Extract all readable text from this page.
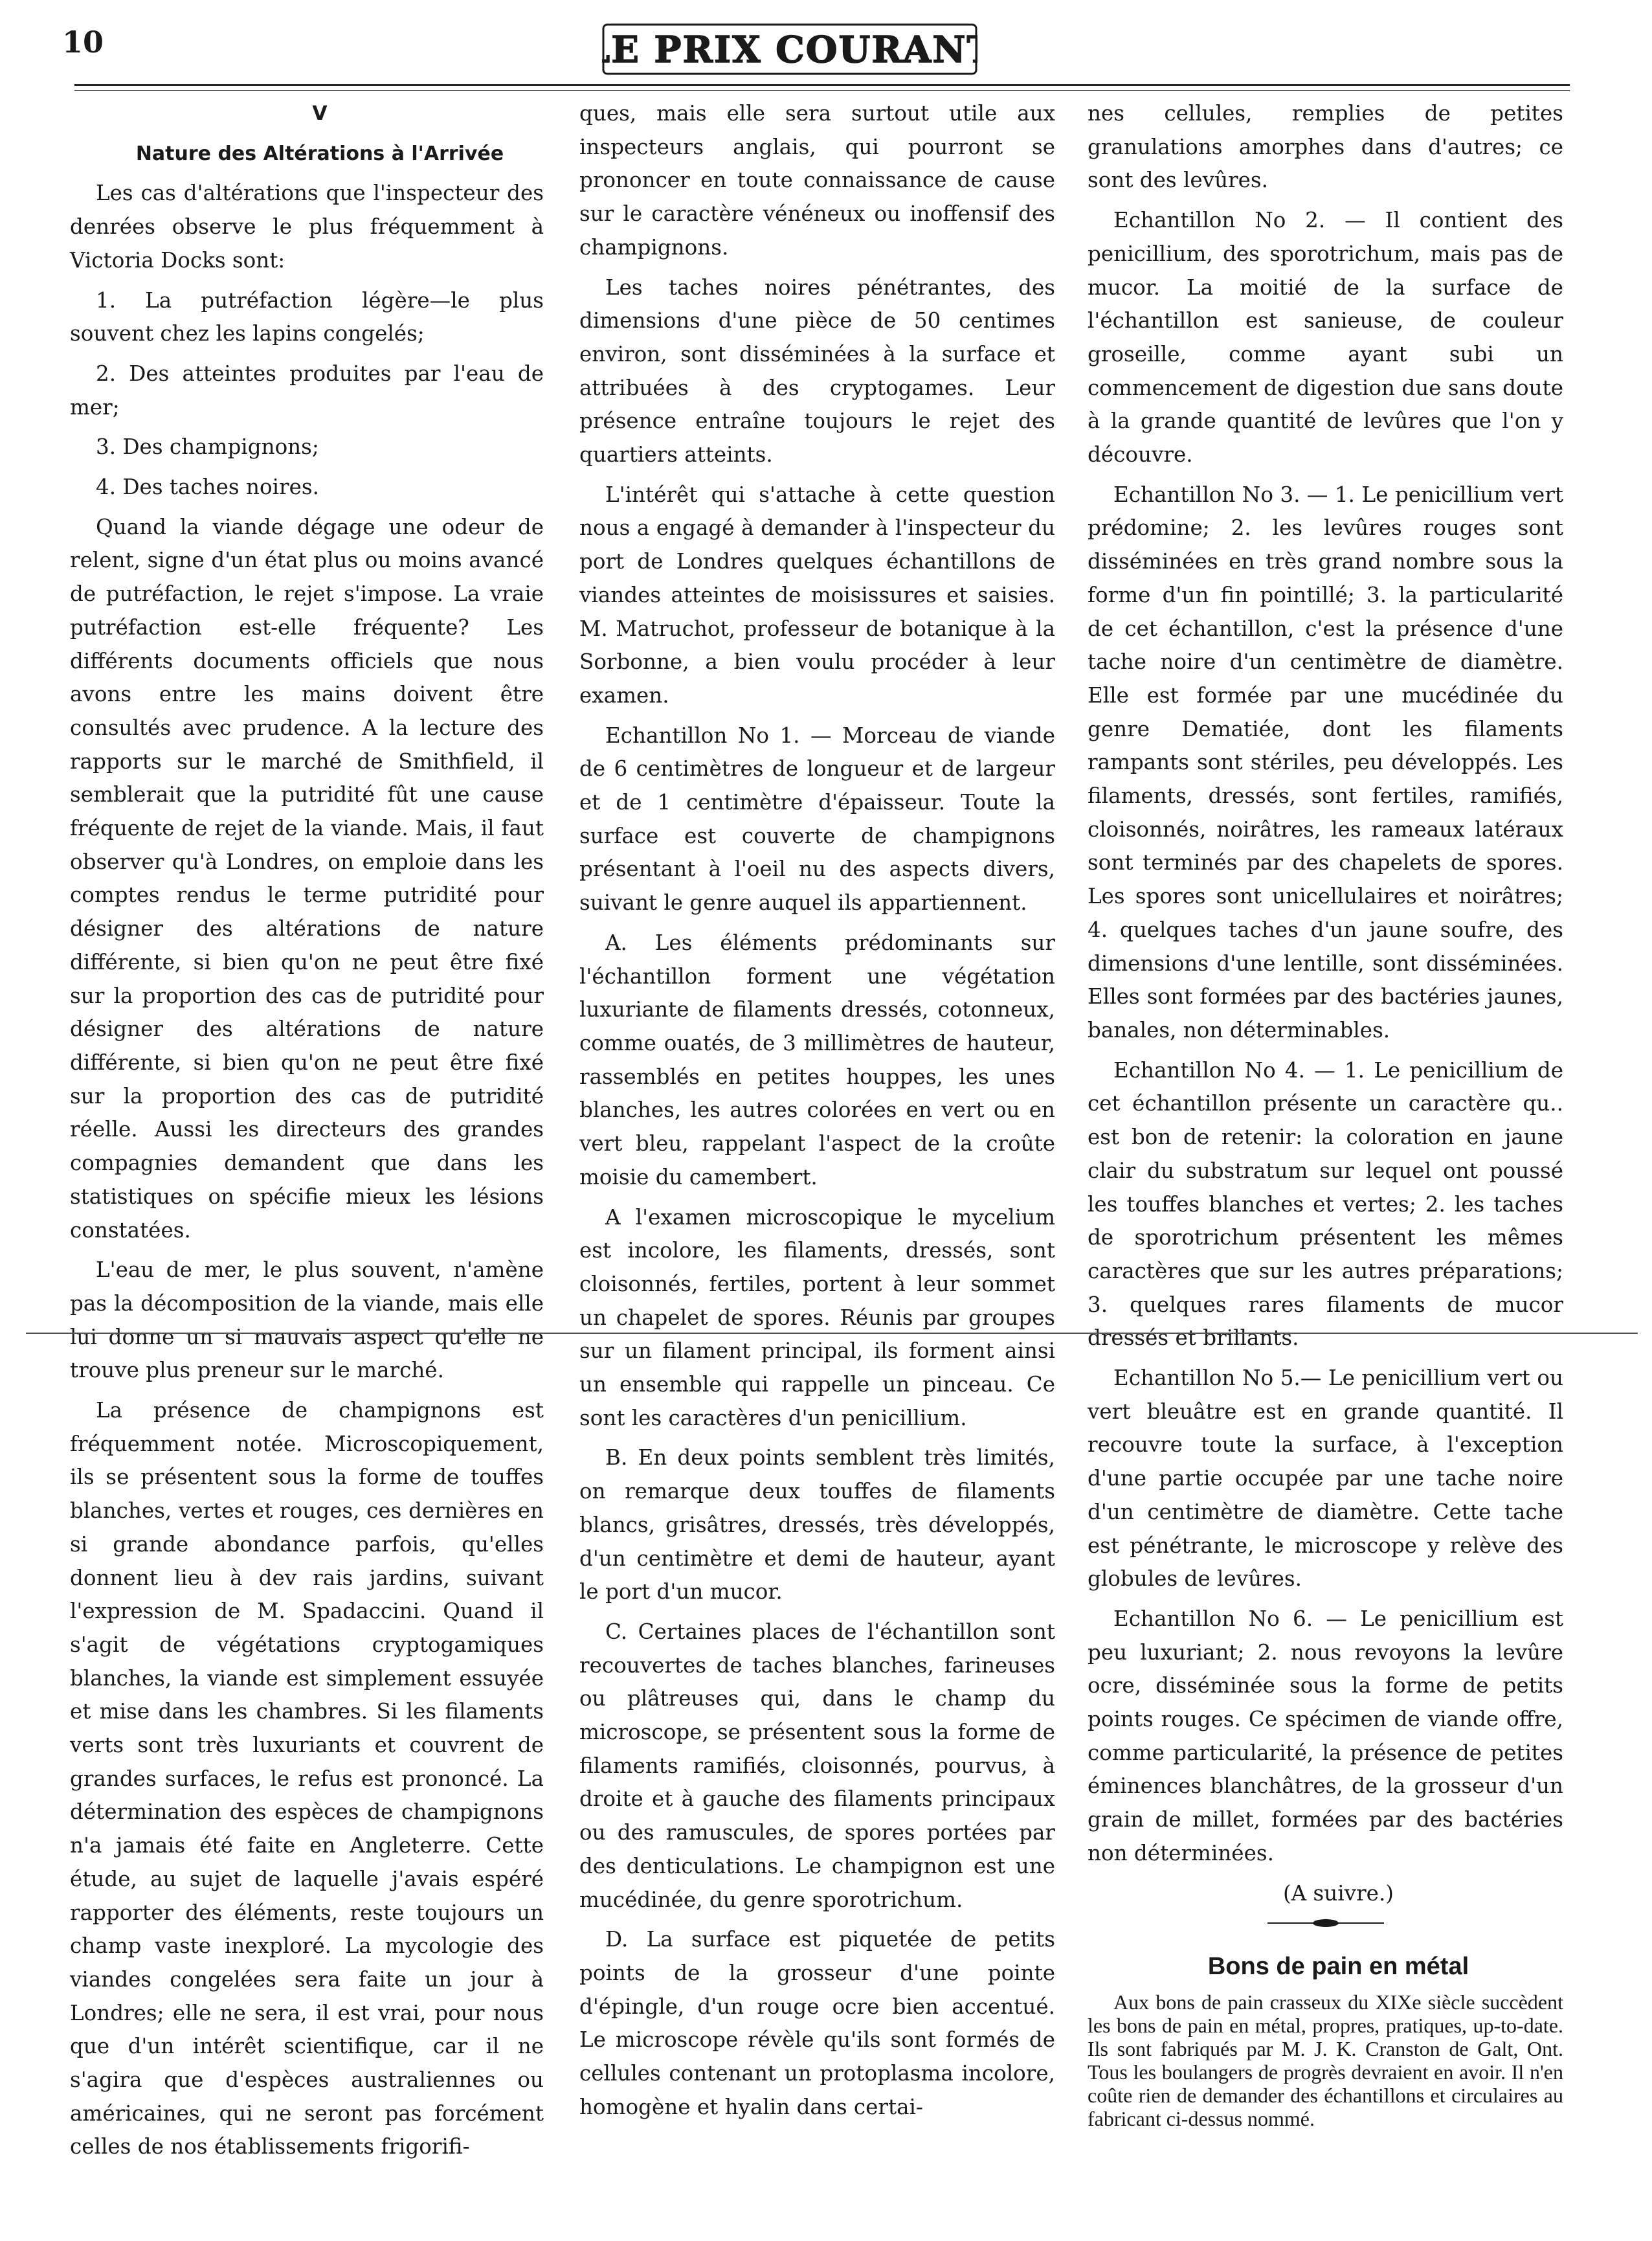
10	LE PRIX COURANT

V

Nature des Altérations à l'Arrivée

Les cas d'altérations que l'inspecteur des denrées observe le plus fréquemment à Victoria Docks sont:

1. La putréfaction légère—le plus souvent chez les lapins congelés;

2. Des atteintes produites par l'eau de mer;

3. Des champignons;

4. Des taches noires.

Quand la viande dégage une odeur de relent, signe d'un état plus ou moins avancé de putréfaction, le rejet s'impose. La vraie putréfaction est-elle fréquente? Les différents documents officiels que nous avons entre les mains doivent être consultés avec prudence. A la lecture des rapports sur le marché de Smithfield, il semblerait que la putridité fût une cause fréquente de rejet de la viande. Mais, il faut observer qu'à Londres, on emploie dans les comptes rendus le terme putridité pour désigner des altérations de nature différente, si bien qu'on ne peut être fixé sur la proportion des cas de putridité pour désigner des altérations de nature différente, si bien qu'on ne peut être fixé sur la proportion des cas de putridité réelle. Aussi les directeurs des grandes compagnies demandent que dans les statistiques on spécifie mieux les lésions constatées.

L'eau de mer, le plus souvent, n'amène pas la décomposition de la viande, mais elle lui donne un si mauvais aspect qu'elle ne trouve plus preneur sur le marché.

La présence de champignons est fréquemment notée. Microscopiquement, ils se présentent sous la forme de touffes blanches, vertes et rouges, ces dernières en si grande abondance parfois, qu'elles donnent lieu à dev rais jardins, suivant l'expression de M. Spadaccini. Quand il s'agit de végétations cryptogamiques blanches, la viande est simplement essuyée et mise dans les chambres. Si les filaments verts sont très luxuriants et couvrent de grandes surfaces, le refus est prononcé. La détermination des espèces de champignons n'a jamais été faite en Angleterre. Cette étude, au sujet de laquelle j'avais espéré rapporter des éléments, reste toujours un champ vaste inexploré. La mycologie des viandes congelées sera faite un jour à Londres; elle ne sera, il est vrai, pour nous que d'un intérêt scientifique, car il ne s'agira que d'espèces australiennes ou américaines, qui ne seront pas forcément celles de nos établissements frigorifi-

ques, mais elle sera surtout utile aux inspecteurs anglais, qui pourront se prononcer en toute connaissance de cause sur le caractère vénéneux ou inoffensif des champignons.

Les taches noires pénétrantes, des dimensions d'une pièce de 50 centimes environ, sont disséminées à la surface et attribuées à des cryptogames. Leur présence entraîne toujours le rejet des quartiers atteints.

L'intérêt qui s'attache à cette question nous a engagé à demander à l'inspecteur du port de Londres quelques échantillons de viandes atteintes de moisissures et saisies. M. Matruchot, professeur de botanique à la Sorbonne, a bien voulu procéder à leur examen.

Echantillon No 1. — Morceau de viande de 6 centimètres de longueur et de largeur et de 1 centimètre d'épaisseur. Toute la surface est couverte de champignons présentant à l'oeil nu des aspects divers, suivant le genre auquel ils appartiennent.

A. Les éléments prédominants sur l'échantillon forment une végétation luxuriante de filaments dressés, cotonneux, comme ouatés, de 3 millimètres de hauteur, rassemblés en petites houppes, les unes blanches, les autres colorées en vert ou en vert bleu, rappelant l'aspect de la croûte moisie du camembert.

A l'examen microscopique le mycelium est incolore, les filaments, dressés, sont cloisonnés, fertiles, portent à leur sommet un chapelet de spores. Réunis par groupes sur un filament principal, ils forment ainsi un ensemble qui rappelle un pinceau. Ce sont les caractères d'un penicillium.

B. En deux points semblent très limités, on remarque deux touffes de filaments blancs, grisâtres, dressés, très développés, d'un centimètre et demi de hauteur, ayant le port d'un mucor.

C. Certaines places de l'échantillon sont recouvertes de taches blanches, farineuses ou plâtreuses qui, dans le champ du microscope, se présentent sous la forme de filaments ramifiés, cloisonnés, pourvus, à droite et à gauche des filaments principaux ou des ramuscules, de spores portées par des denticulations. Le champignon est une mucédinée, du genre sporotrichum.

D. La surface est piquetée de petits points de la grosseur d'une pointe d'épingle, d'un rouge ocre bien accentué. Le microscope révèle qu'ils sont formés de cellules contenant un protoplasma incolore, homogène et hyalin dans certai-

nes cellules, remplies de petites granulations amorphes dans d'autres; ce sont des levûres.

Echantillon No 2. — Il contient des penicillium, des sporotrichum, mais pas de mucor. La moitié de la surface de l'échantillon est sanieuse, de couleur groseille, comme ayant subi un commencement de digestion due sans doute à la grande quantité de levûres que l'on y découvre.

Echantillon No 3. — 1. Le penicillium vert prédomine; 2. les levûres rouges sont disséminées en très grand nombre sous la forme d'un fin pointillé; 3. la particularité de cet échantillon, c'est la présence d'une tache noire d'un centimètre de diamètre. Elle est formée par une mucédinée du genre Dematiée, dont les filaments rampants sont stériles, peu développés. Les filaments, dressés, sont fertiles, ramifiés, cloisonnés, noirâtres, les rameaux latéraux sont terminés par des chapelets de spores. Les spores sont unicellulaires et noirâtres; 4. quelques taches d'un jaune soufre, des dimensions d'une lentille, sont disséminées. Elles sont formées par des bactéries jaunes, banales, non déterminables.

Echantillon No 4. — 1. Le penicillium de cet échantillon présente un caractère qu.. est bon de retenir: la coloration en jaune clair du substratum sur lequel ont poussé les touffes blanches et vertes; 2. les taches de sporotrichum présentent les mêmes caractères que sur les autres préparations; 3. quelques rares filaments de mucor dressés et brillants.

Echantillon No 5.— Le penicillium vert ou vert bleuâtre est en grande quantité. Il recouvre toute la surface, à l'exception d'une partie occupée par une tache noire d'un centimètre de diamètre. Cette tache est pénétrante, le microscope y relève des globules de levûres.

Echantillon No 6. — Le penicillium est peu luxuriant; 2. nous revoyons la levûre ocre, disséminée sous la forme de petits points rouges. Ce spécimen de viande offre, comme particularité, la présence de petites éminences blanchâtres, de la grosseur d'un grain de millet, formées par des bactéries non déterminées.

(A suivre.)

Bons de pain en métal

Aux bons de pain crasseux du XIXe siècle succèdent les bons de pain en métal, propres, pratiques, up-to-date. Ils sont fabriqués par M. J. K. Cranston de Galt, Ont. Tous les boulangers de progrès devraient en avoir. Il n'en coûte rien de demander des échantillons et circulaires au fabricant ci-dessus nommé.
